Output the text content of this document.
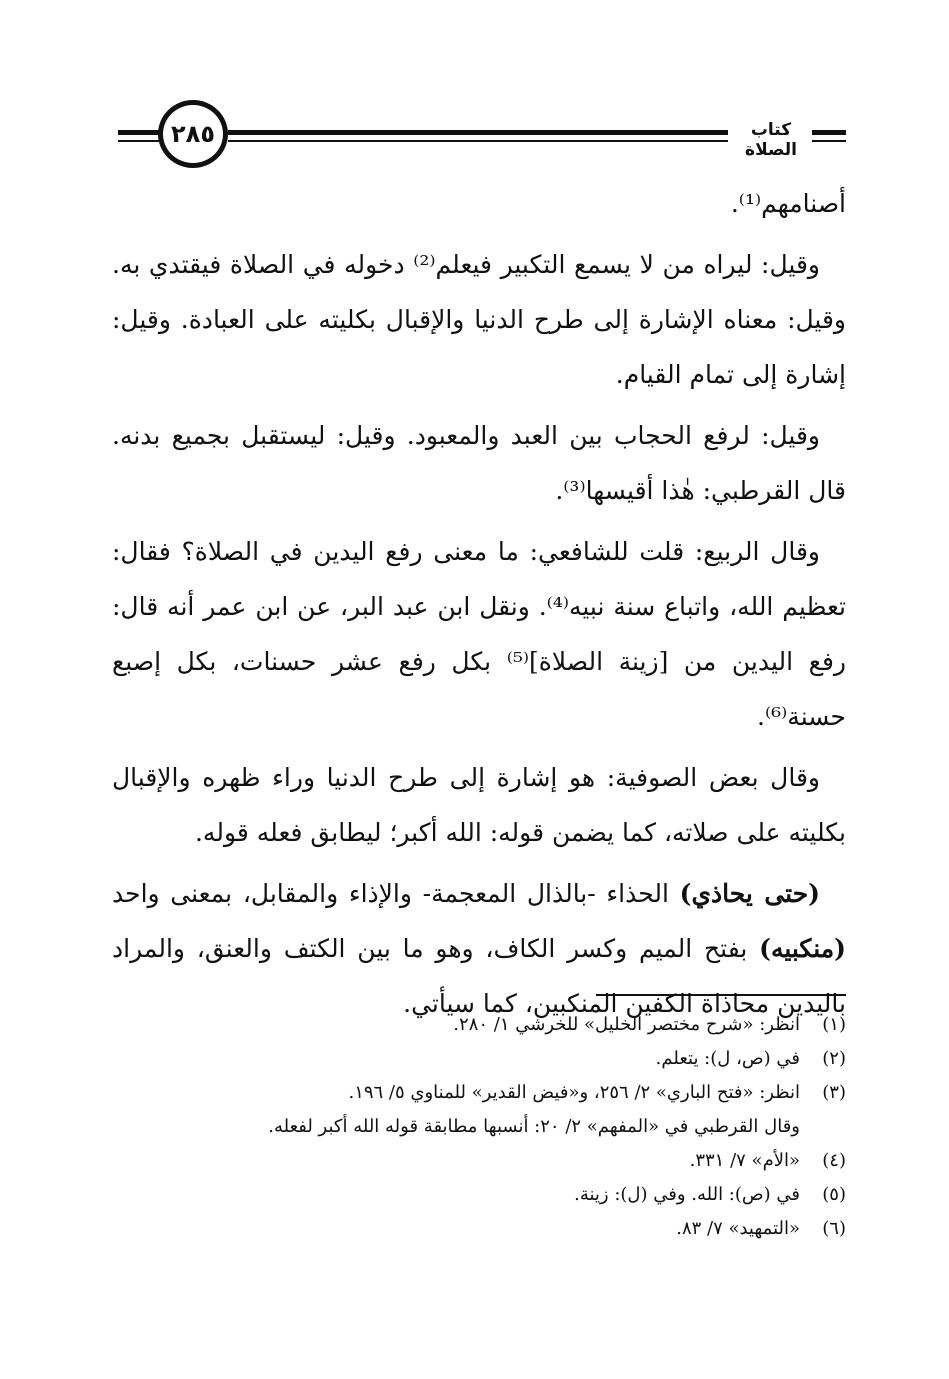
٢٨٥	كتاب الصلاة

أصنامهم⁽¹⁾.

وقيل: ليراه من لا يسمع التكبير فيعلم⁽²⁾ دخوله في الصلاة فيقتدي به. وقيل: معناه الإشارة إلى طرح الدنيا والإقبال بكليته على العبادة. وقيل: إشارة إلى تمام القيام.

وقيل: لرفع الحجاب بين العبد والمعبود. وقيل: ليستقبل بجميع بدنه. قال القرطبي: هٰذا أقيسها⁽³⁾.

وقال الربيع: قلت للشافعي: ما معنى رفع اليدين في الصلاة؟ فقال: تعظيم الله، واتباع سنة نبيه⁽⁴⁾. ونقل ابن عبد البر، عن ابن عمر أنه قال: رفع اليدين من [زينة الصلاة]⁽⁵⁾ بكل رفع عشر حسنات، بكل إصبع حسنة⁽⁶⁾.

وقال بعض الصوفية: هو إشارة إلى طرح الدنيا وراء ظهره والإقبال بكليته على صلاته، كما يضمن قوله: الله أكبر؛ ليطابق فعله قوله.

(حتى يحاذي) الحذاء -بالذال المعجمة- والإذاء والمقابل، بمعنى واحد (منكبيه) بفتح الميم وكسر الكاف، وهو ما بين الكتف والعنق، والمراد باليدين محاذاة الكفين المنكبين، كما سيأتي.

(١)
انظر: «شرح مختصر الخليل» للخرشي ١/ ٢٨٠.
(٢)
في (ص، ل): يتعلم.
(٣)
انظر: «فتح الباري» ٢/ ٢٥٦، و«فيض القدير» للمناوي ٥/ ١٩٦.
وقال القرطبي في «المفهم» ٢/ ٢٠: أنسبها مطابقة قوله الله أكبر لفعله.
(٤)
«الأم» ٧/ ٣٣١.
(٥)
في (ص): الله. وفي (ل): زينة.
(٦)
«التمهيد» ٧/ ٨٣.
